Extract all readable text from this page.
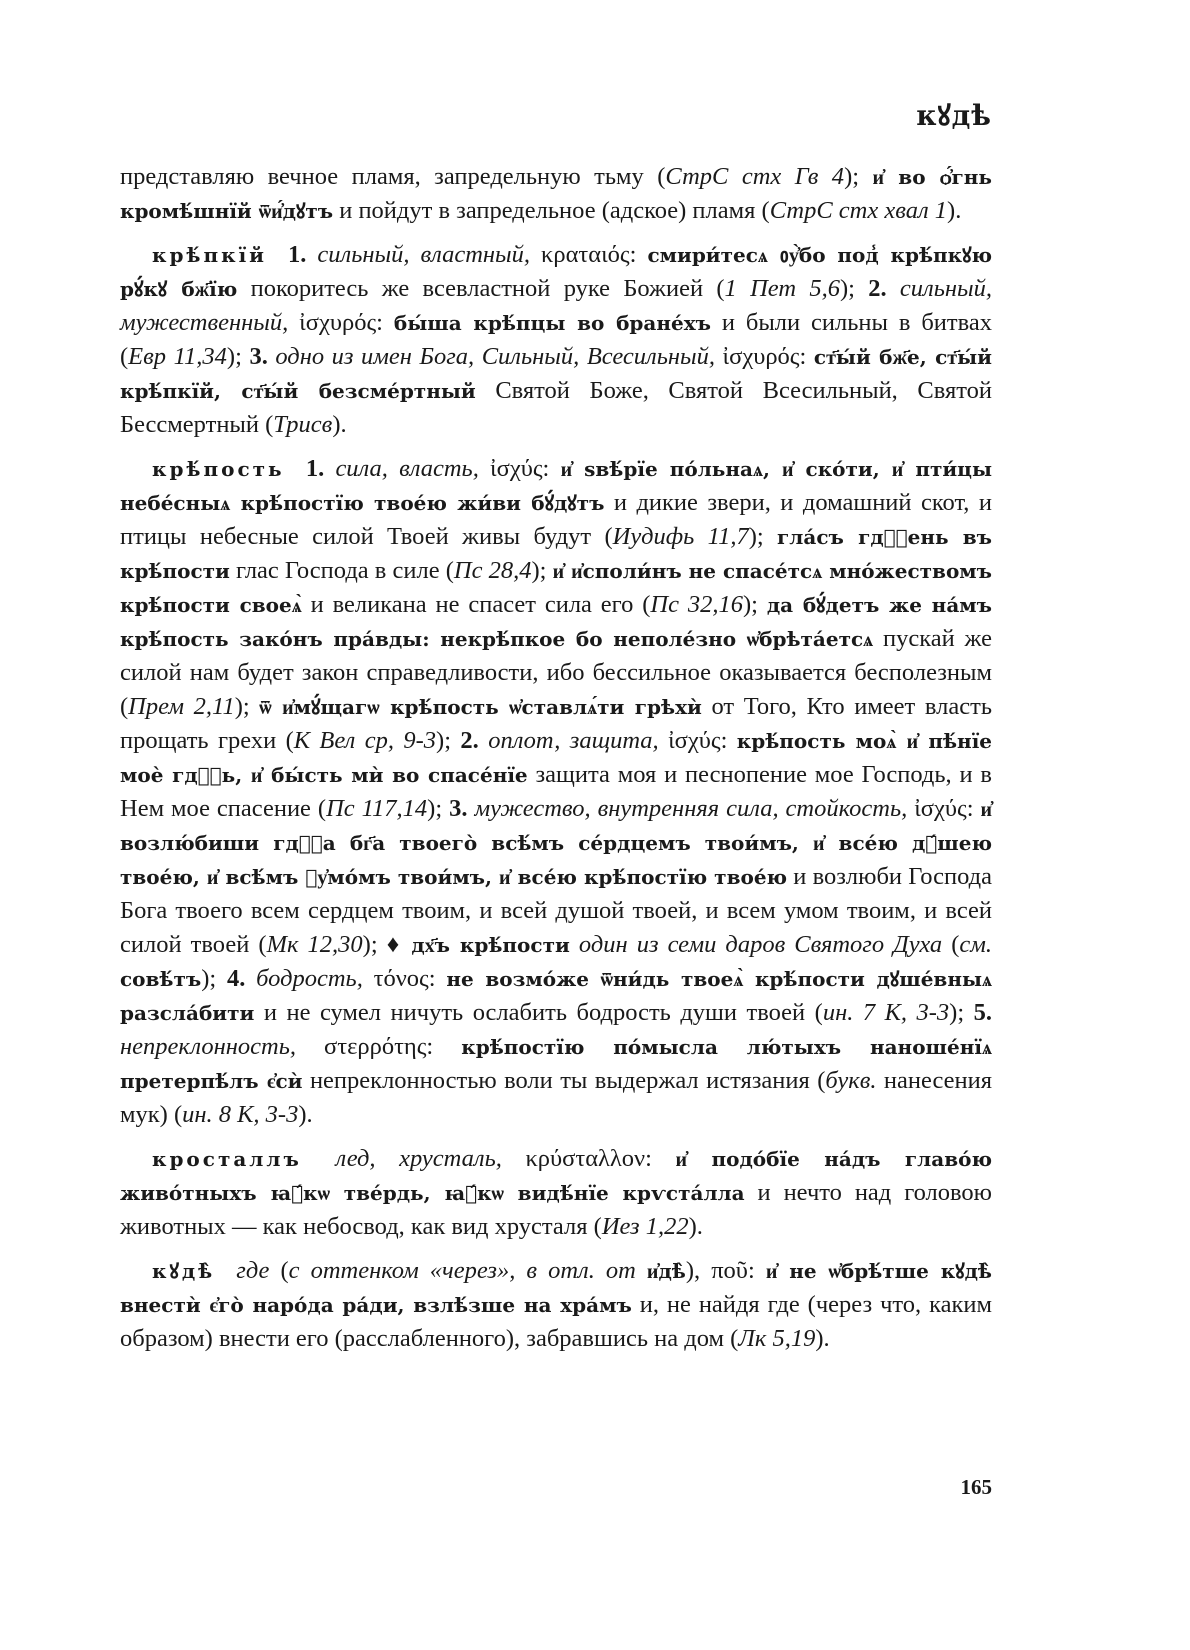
кꙋдѣ

представляю вечное пламя, запредельную тьму (СтрС стх Гв 4); и҆ во ѻ҆́гнь кромѣ́шнїй ѿи҆́дꙋтъ и пойдут в запредельное (адское) пламя (СтрС стх хвал 1).

крѣ́пкїй 1. сильный, властный, κραταιός: смири́тесѧ ᲂу҆̀бо под̾ крѣ́пкꙋю рꙋ́кꙋ бж҃їю покоритесь же всевластной руке Божией (1 Пет 5,6); 2. сильный, мужественный, ἰσχυρός: бы́ша крѣ́пцы во бране́хъ и были сильны в битвах (Евр 11,34); 3. одно из имен Бога, Сильный, Всесильный, ἰσχυρός: ст҃ы́й бж҃е, ст҃ы́й крѣ́пкїй, ст҃ы́й безсме́ртный Святой Боже, Святой Всесильный, Святой Бессмертный (Трисв).

крѣ́пость 1. сила, власть, ἰσχύς: и҆ ѕвѣ́рїе по́льнаѧ, и҆ ско́ти, и҆ пти́цы небе́сныѧ крѣ́постїю твое́ю жи́ви бꙋ́дꙋтъ и дикие звери, и домашний скот, и птицы небесные силой Твоей живы будут (Иудифь 11,7); гла́съ гдⷭ҇ень въ крѣ́пости глас Господа в силе (Пс 28,4); и҆ и҆споли́нъ не спасе́тсѧ мно́жествомъ крѣ́пости своеѧ̀ и великана не спасет сила его (Пс 32,16); да бꙋ́детъ же на́мъ крѣ́пость зако́нъ пра́вды: некрѣ́пкое бо неполе́зно ѡ҆брѣта́етсѧ пускай же силой нам будет закон справедливости, ибо бессильное оказывается бесполезным (Прем 2,11); ѿ и҆мꙋ́щагѡ крѣ́пость ѡ҆ставлѧ́ти грѣхѝ от Того, Кто имеет власть прощать грехи (К Вел ср, 9-3); 2. оплот, защита, ἰσχύς: крѣ́пость моѧ̀ и҆ пѣ́нїе моѐ гдⷭ҇ь, и҆ бы́сть мѝ во спасе́нїе защита моя и песнопение мое Господь, и в Нем мое спасение (Пс 117,14); 3. мужество, внутренняя сила, стойкость, ἰσχύς: и҆ возлю́биши гдⷭ҇а бг҃а твоего̀ всѣ́мъ се́рдцемъ твои́мъ, и҆ все́ю дꙋ́шею твое́ю, и҆ всѣ́мъ ᲂу҆мо́мъ твои́мъ, и҆ все́ю крѣ́постїю твое́ю и возлюби Господа Бога твоего всем сердцем твоим, и всей душой твоей, и всем умом твоим, и всей силой твоей (Мк 12,30); ♦ дх҃ъ крѣ́пости один из семи даров Святого Духа (см. совѣ́тъ); 4. бодрость, τόνος: не возмо́же ѿни́дь твоеѧ̀ крѣ́пости дꙋше́вныѧ разсла́бити и не сумел ничуть ослабить бодрость души твоей (ин. 7 К, 3-3); 5. непреклонность, στερρότης: крѣ́постїю по́мысла лю́тыхъ наноше́нїѧ претерпѣ́лъ є҆сѝ непреклонностью воли ты выдержал истязания (букв. нанесения мук) (ин. 8 К, 3-3).

кросталлъ лед, хрусталь, κρύσταλλον: и҆ подо́бїе на́дъ главо́ю живо́тныхъ ꙗ҆́кѡ тве́рдь, ꙗ҆́кѡ видѣ́нїе крѵста́лла и нечто над головою животных — как небосвод, как вид хрусталя (Иез 1,22).

кꙋдѣ̀ где (с оттенком «через», в отл. от и҆дѣ̀), ποῦ: и҆ не ѡ҆брѣ́тше кꙋдѣ̀ внестѝ є҆го̀ наро́да ра́ди, взлѣ́зше на хра́мъ и, не найдя где (через что, каким образом) внести его (расслабленного), забравшись на дом (Лк 5,19).

165
